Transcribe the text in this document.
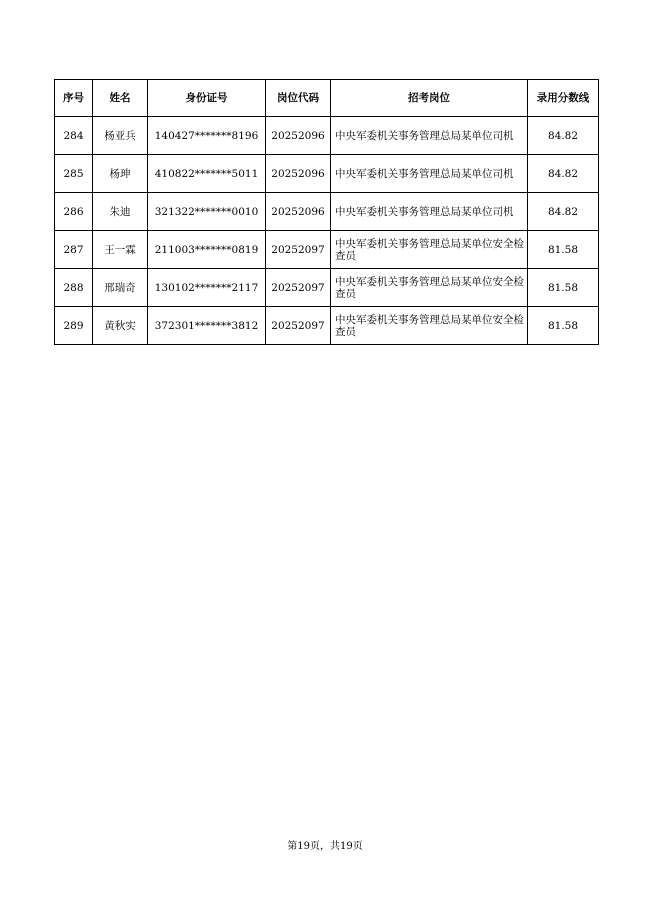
序号	姓名	身份证号	岗位代码	招考岗位	录用分数线
284	杨亚兵	140427*******8196	20252096	中央军委机关事务管理总局某单位司机	84.82
285	杨珅	410822*******5011	20252096	中央军委机关事务管理总局某单位司机	84.82
286	朱迪	321322*******0010	20252096	中央军委机关事务管理总局某单位司机	84.82
287	王一霖	211003*******0819	20252097	中央军委机关事务管理总局某单位安全检查员	81.58
288	邢瑞奇	130102*******2117	20252097	中央军委机关事务管理总局某单位安全检查员	81.58
289	黄秋实	372301*******3812	20252097	中央军委机关事务管理总局某单位安全检查员	81.58
第19页，共19页
